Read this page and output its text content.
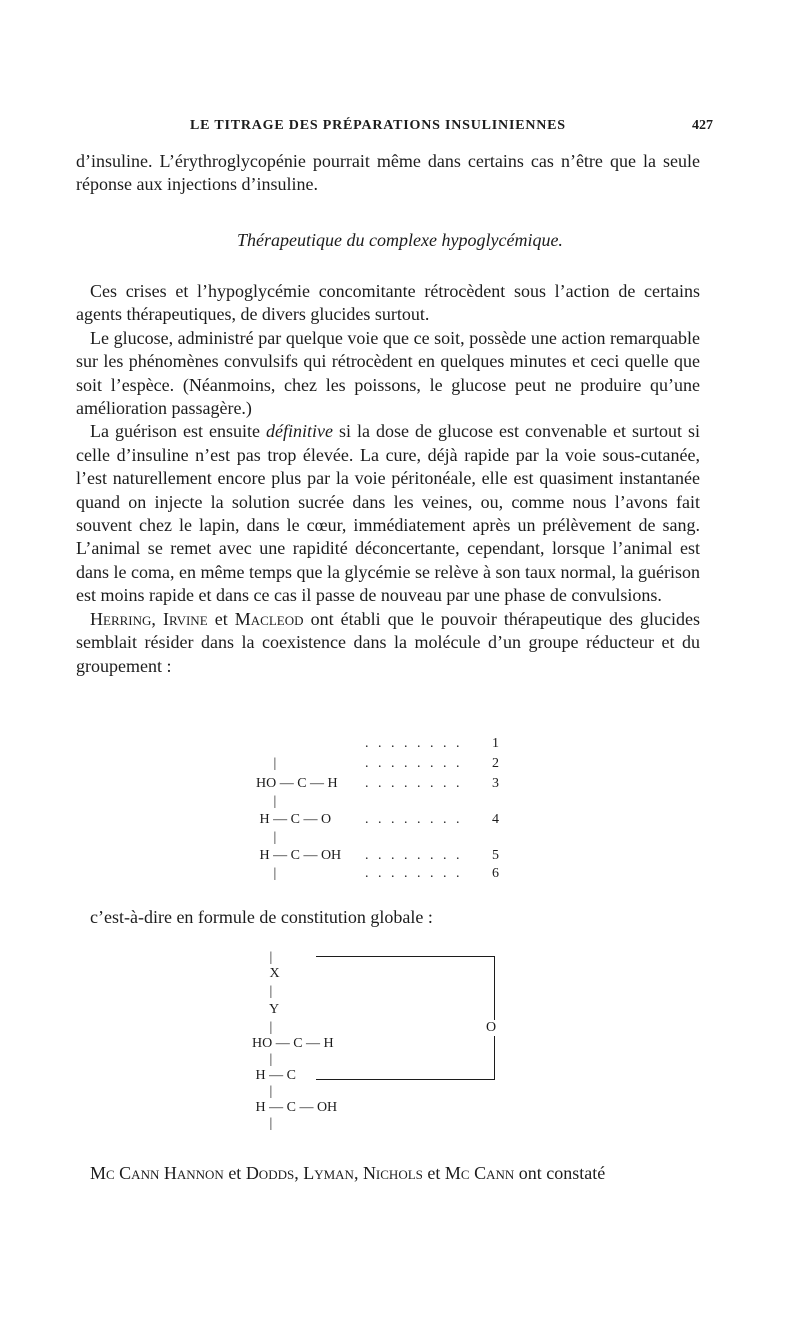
LE TITRAGE DES PRÉPARATIONS INSULINIENNES	427

d’insuline. L’érythroglycopénie pourrait même dans certains cas n’être que la seule réponse aux injections d’insuline.

Thérapeutique du complexe hypoglycémique.

Ces crises et l’hypoglycémie concomitante rétrocèdent sous l’action de certains agents thérapeutiques, de divers glucides surtout.

Le glucose, administré par quelque voie que ce soit, possède une action remarquable sur les phénomènes convulsifs qui rétrocèdent en quelques minutes et ceci quelle que soit l’espèce. (Néanmoins, chez les poissons, le glucose peut ne produire qu’une amélioration passagère.)

La guérison est ensuite définitive si la dose de glucose est convenable et surtout si celle d’insuline n’est pas trop élevée. La cure, déjà rapide par la voie sous-cutanée, l’est naturellement encore plus par la voie péritonéale, elle est quasiment instantanée quand on injecte la solution sucrée dans les veines, ou, comme nous l’avons fait souvent chez le lapin, dans le cœur, immédiatement après un prélèvement de sang. L’animal se remet avec une rapidité déconcertante, cependant, lorsque l’animal est dans le coma, en même temps que la glycémie se relève à son taux normal, la guérison est moins rapide et dans ce cas il passe de nouveau par une phase de convulsions.

Herring, Irvine et Macleod ont établi que le pouvoir thérapeutique des glucides semblait résider dans la coexistence dans la molécule d’un groupe réducteur et du groupement :

. . . . . . . . 1
|	. . . . . . . . 2
HO — C — H . . . . . . . . 3
|
H — C — O . . . . . . . . 4
|
H — C — OH . . . . . . . . 5
|	. . . . . . . . 6

c’est-à-dire en formule de constitution globale :

O
|
X
|
Y
|
HO — C — H
|
H — C
|
H — C — OH
|

Mc Cann Hannon et Dodds, Lyman, Nichols et Mc Cann ont constaté
